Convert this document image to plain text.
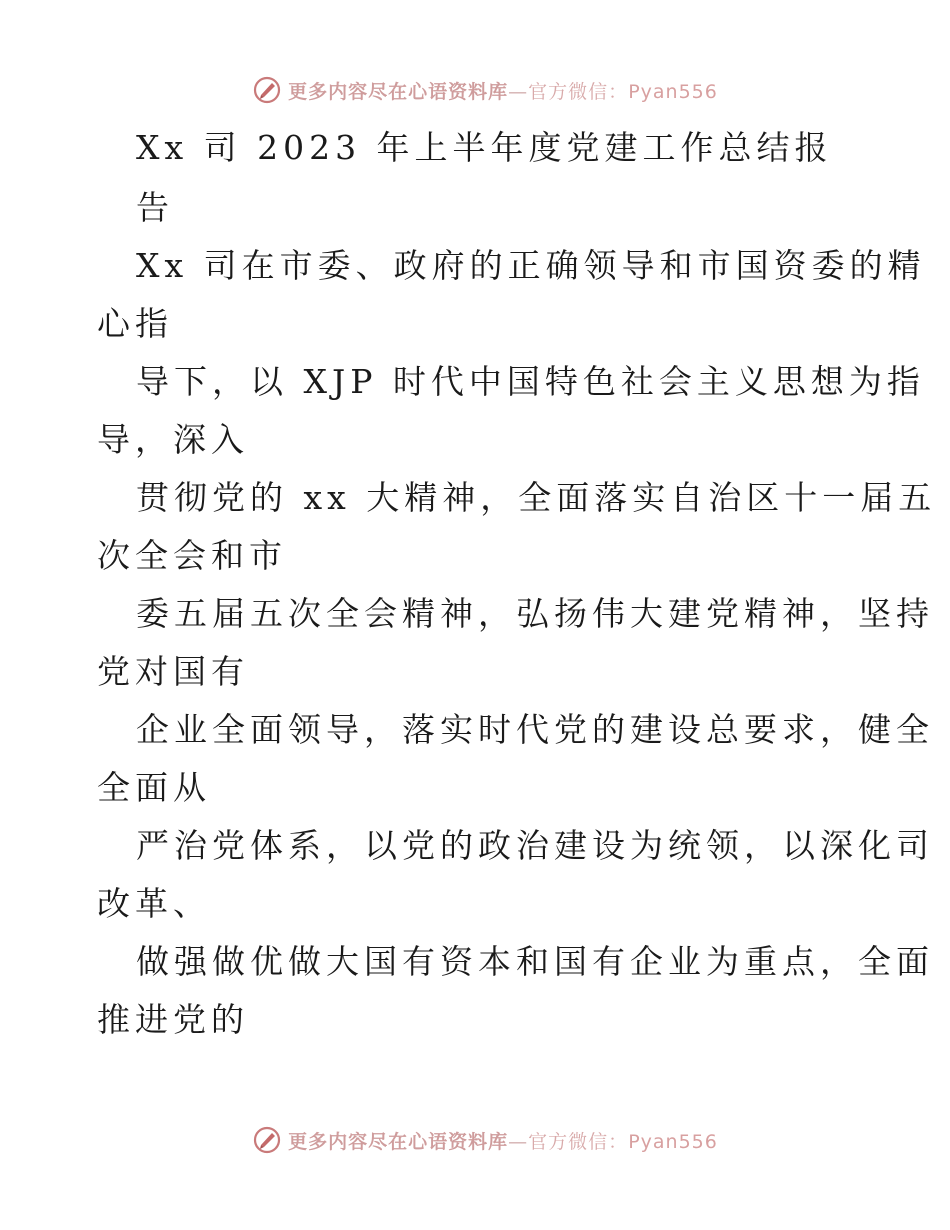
更多内容尽在心语资料库—官方微信：Pyan556
Xx 司 2023 年上半年度党建工作总结报
告
Xx 司在市委、政府的正确领导和市国资委的精
心指
导下，以 XJP 时代中国特色社会主义思想为指
导，深入
贯彻党的 xx 大精神，全面落实自治区十一届五
次全会和市
委五届五次全会精神，弘扬伟大建党精神，坚持
党对国有
企业全面领导，落实时代党的建设总要求，健全
全面从
严治党体系，以党的政治建设为统领，以深化司
改革、
做强做优做大国有资本和国有企业为重点，全面
推进党的
更多内容尽在心语资料库—官方微信：Pyan556
